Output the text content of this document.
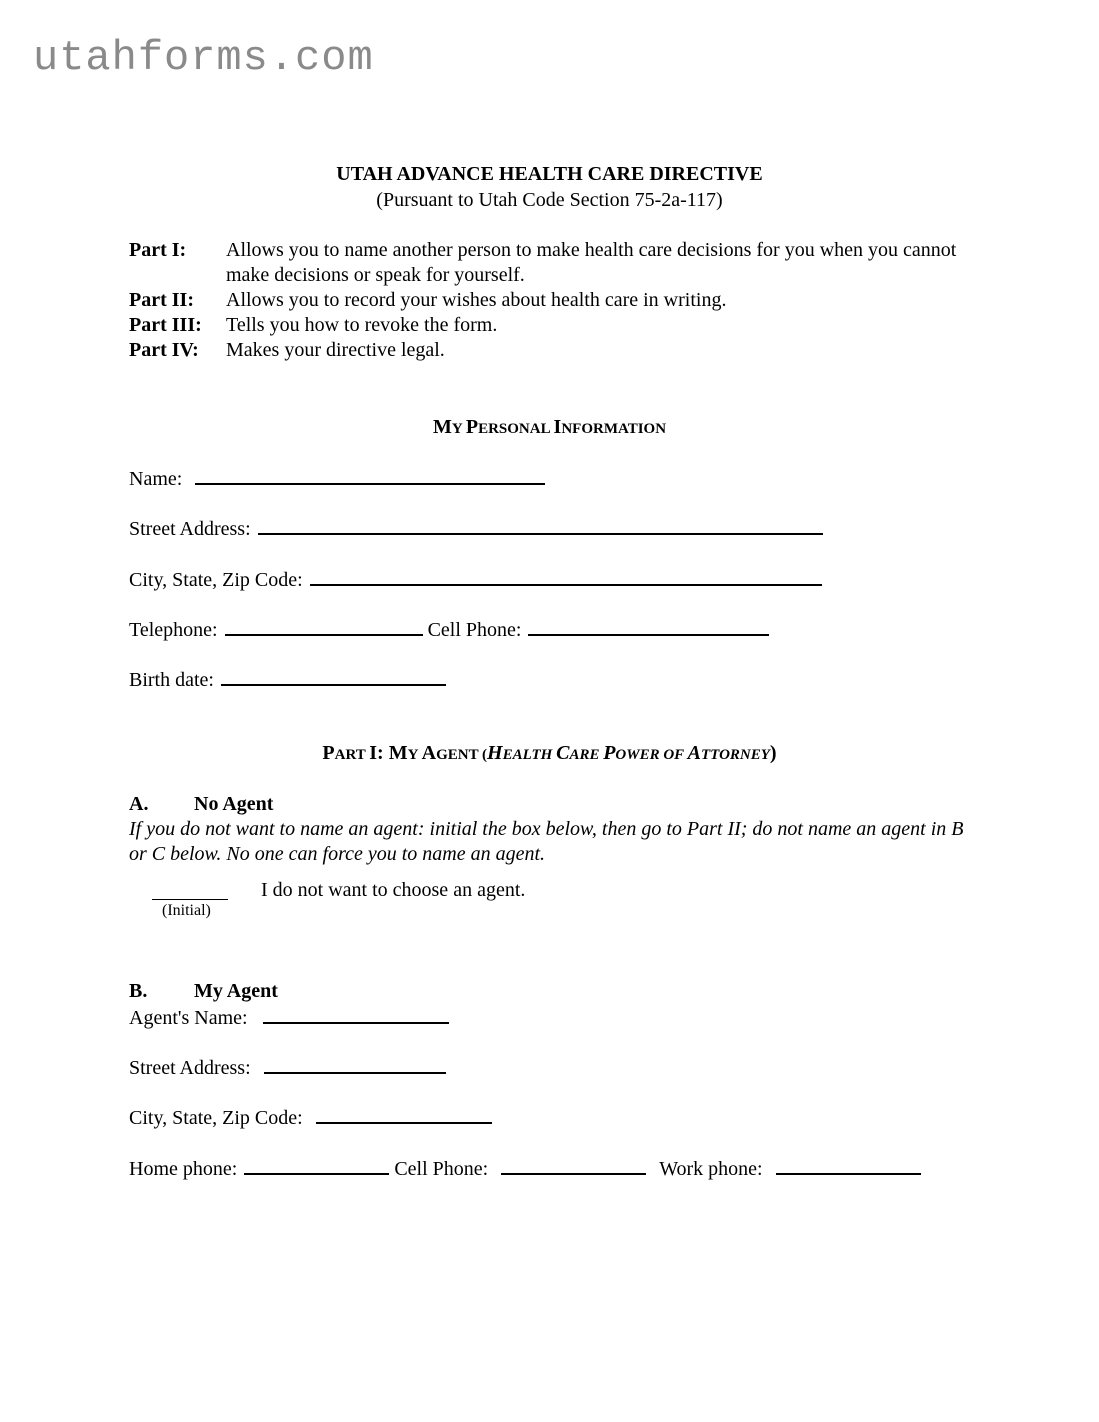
utahforms.com
UTAH ADVANCE HEALTH CARE DIRECTIVE
(Pursuant to Utah Code Section 75-2a-117)
Part I:	Allows you to name another person to make health care decisions for you when you cannot make decisions or speak for yourself.
Part II:	Allows you to record your wishes about health care in writing.
Part III:	Tells you how to revoke the form.
Part IV:	Makes your directive legal.
MY PERSONAL INFORMATION
Name:
Street Address:
City, State, Zip Code:
Telephone:	Cell Phone:
Birth date:
PART I: MY AGENT (HEALTH CARE POWER OF ATTORNEY)
A. No Agent
If you do not want to name an agent: initial the box below, then go to Part II; do not name an agent in B or C below. No one can force you to name an agent.
(Initial)
I do not want to choose an agent.
B. My Agent
Agent's Name:
Street Address:
City, State, Zip Code:
Home phone:	Cell Phone:	Work phone:
